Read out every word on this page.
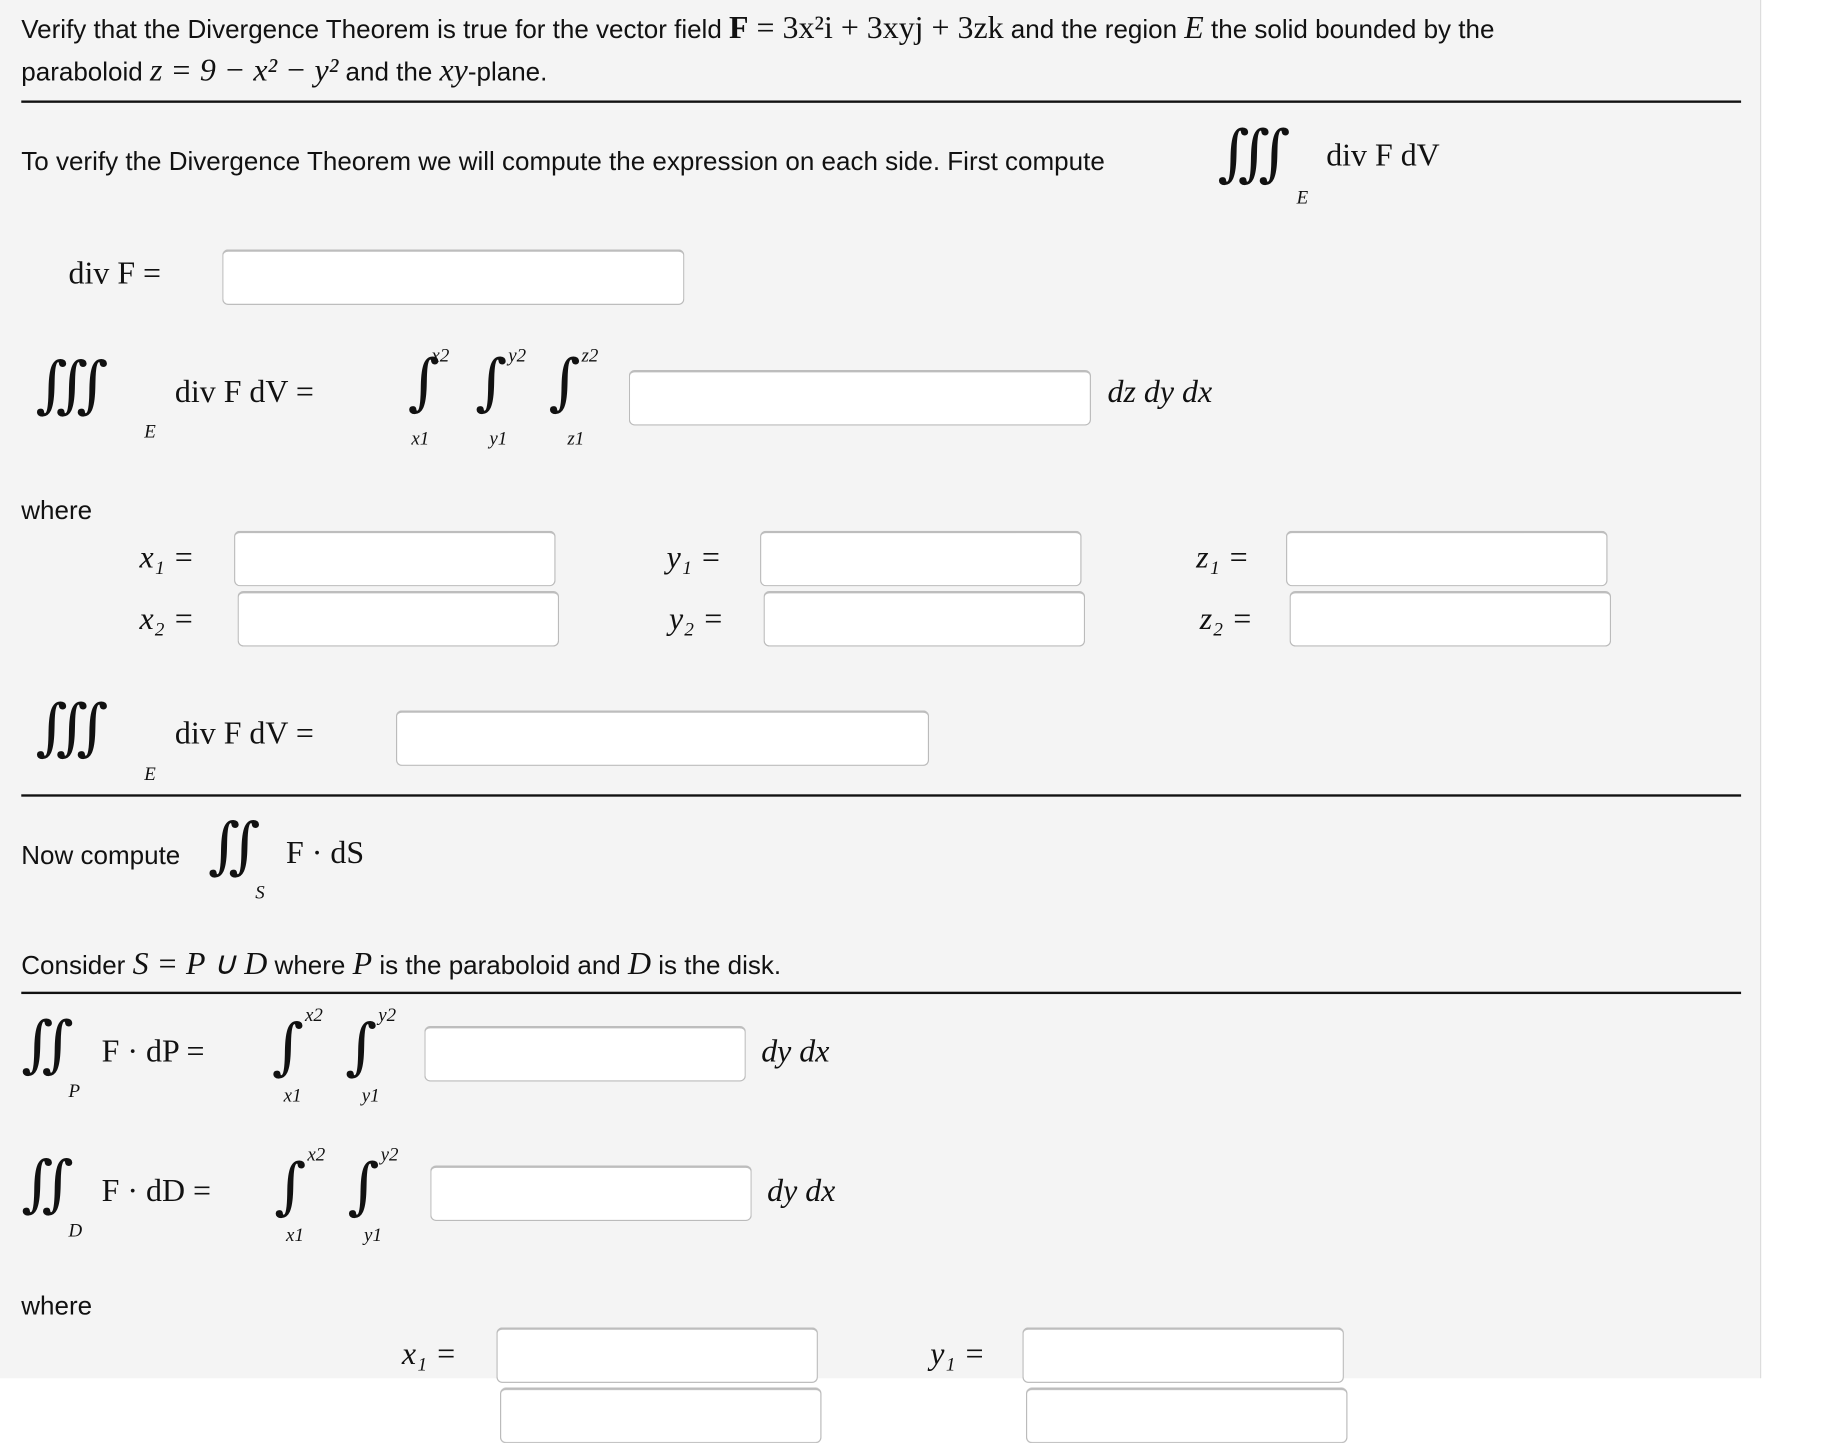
Verify that the Divergence Theorem is true for the vector field F = 3x²i + 3xyj + 3zk and the region E the solid bounded by the
paraboloid z = 9 − x² − y² and the xy-plane.
To verify the Divergence Theorem we will compute the expression on each side. First compute ∭
E
div F dV
div F =
∭
E
div F dV = ∫ x2
x1
∫ y2
y1
∫ z2
z1
dz dy dx
where
x₁ =
x₂ =
y₁ =
y₂ =
z₁ =
z₂ =
∭
E
div F dV =
Now compute ∬
S
F · dS
Consider S = P ∪ D where P is the paraboloid and D is the disk.
∬
P
F · dP = ∫ x2
x1
∫ y2
y1
dy dx
∬
D
F · dD = ∫ x2
x1
∫ y2
y1
dy dx
where
x₁ =	y₁ =
